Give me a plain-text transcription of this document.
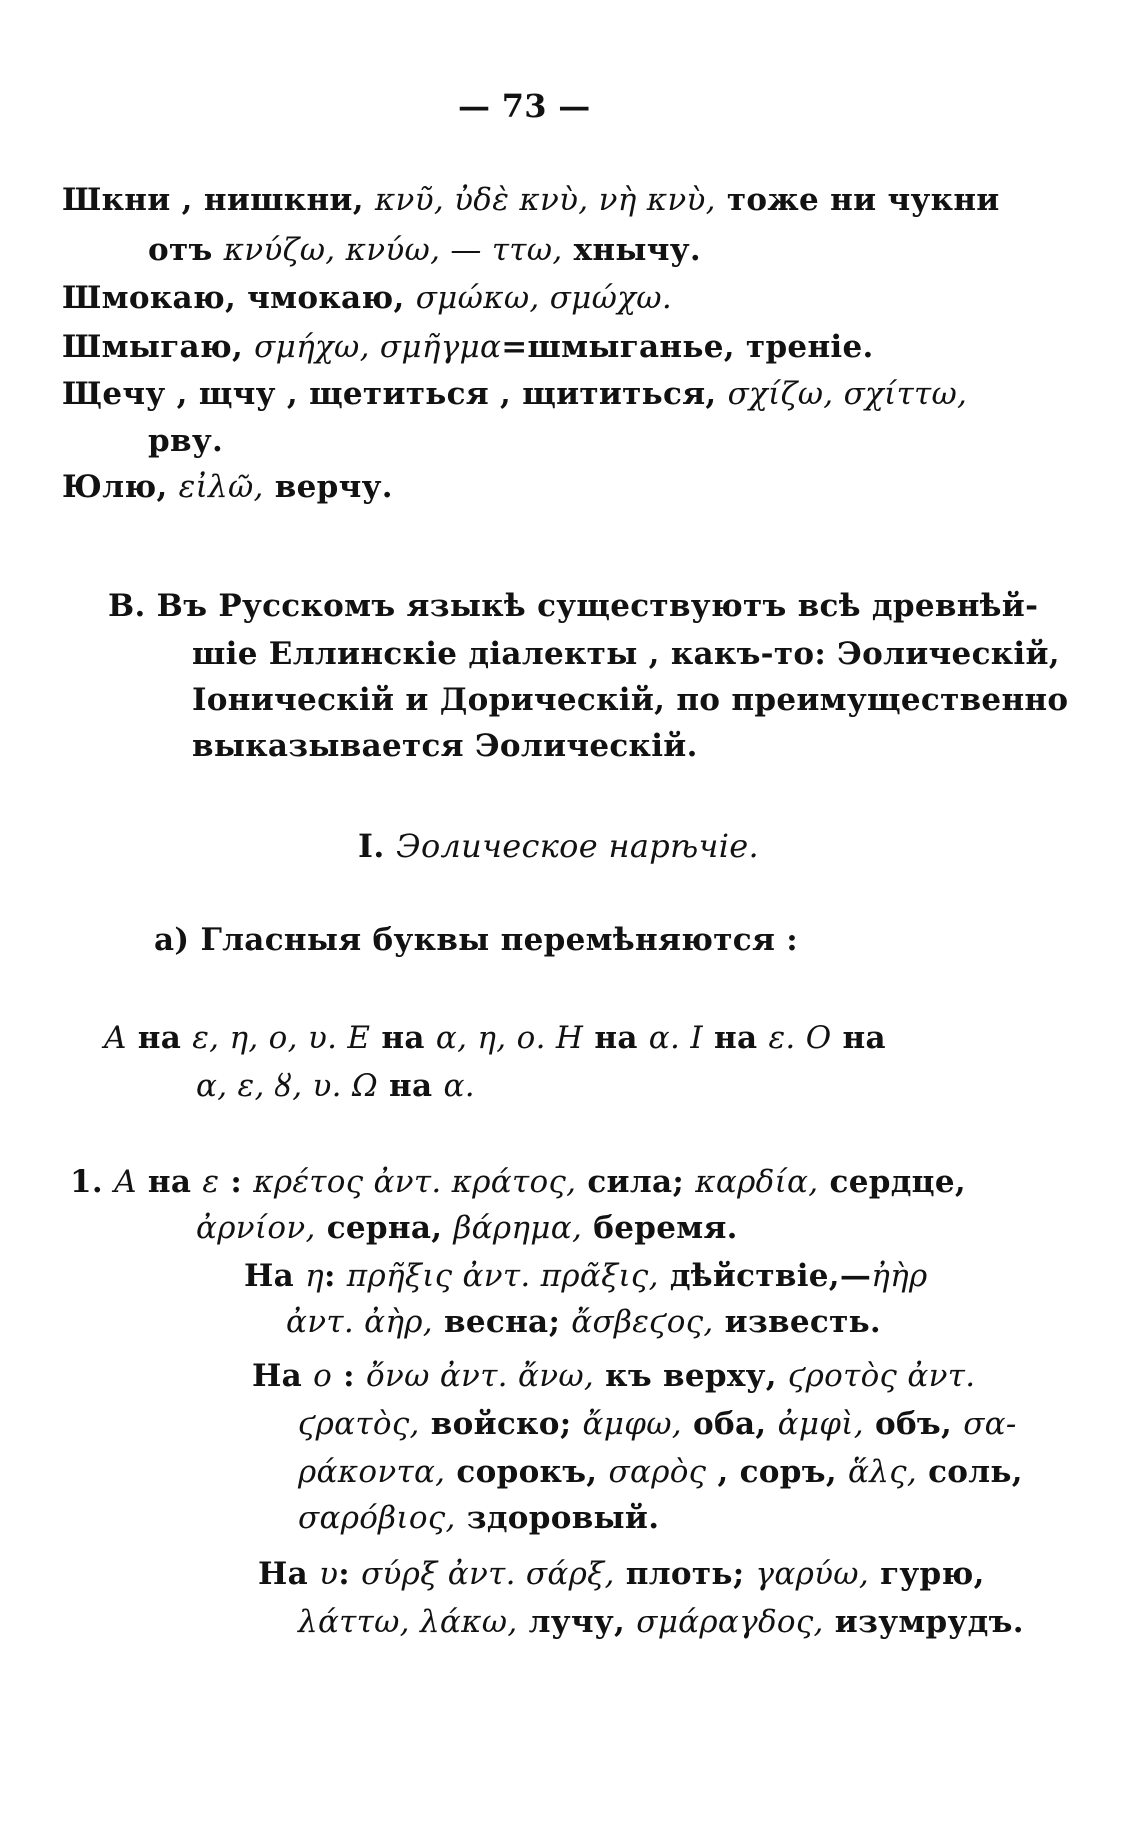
— 73 —
Шкни , нишкни, κνῦ, ὐδὲ κνὺ, νὴ κνὺ, тоже ни чукни
отъ κνύζω, κνύω, — ττω, хнычу.
Шмокаю, чмокаю, σμώκω, σμώχω.
Шмыгаю, σμήχω, σμῆγμα=шмыганье, треніе.
Щечу , щчу , щетиться , щититься, σχίζω, σχίττω,
рву.
Юлю, εἰλῶ, верчу.
В. Въ Русскомъ языкѣ существуютъ всѣ древнѣй-
шіе Еллинскіе діалекты , какъ-то: Эолическій,
Іоническій и Дорическій, по преимущественно
выказывается Эолическій.
I. Эолическое нарѣчіе.
а) Гласныя буквы перемѣняются :
A на ε, η, ο, υ. E на α, η, ο. H на α. I на ε. O на
α, ε, ȣ, υ. Ω на α.
1. A на ε : κρέτος ἀντ. κράτος, сила; καρδία, сердце,
ἀρνίον, серна, βάρημα, беремя.
На η: πρῆξις ἀντ. πρᾶξις, дѣйствіе,—ἠὴρ
ἀντ. ἀὴρ, весна; ἄσβεϛος, известь.
На ο : ὄνω ἀντ. ἄνω, къ верху, ϛροτὸς ἀντ.
ϛρατὸς, войско; ἄμφω, оба, ἀμφὶ, объ, σα-
ράκοντα, сорокъ, σαρὸς , соръ, ἅλς, соль,
σαρόβιος, здоровый.
На υ: σύρξ ἀντ. σάρξ, плоть; γαρύω, гурю,
λάττω, λάκω, лучу, σμάραγδος, изумрудъ.
